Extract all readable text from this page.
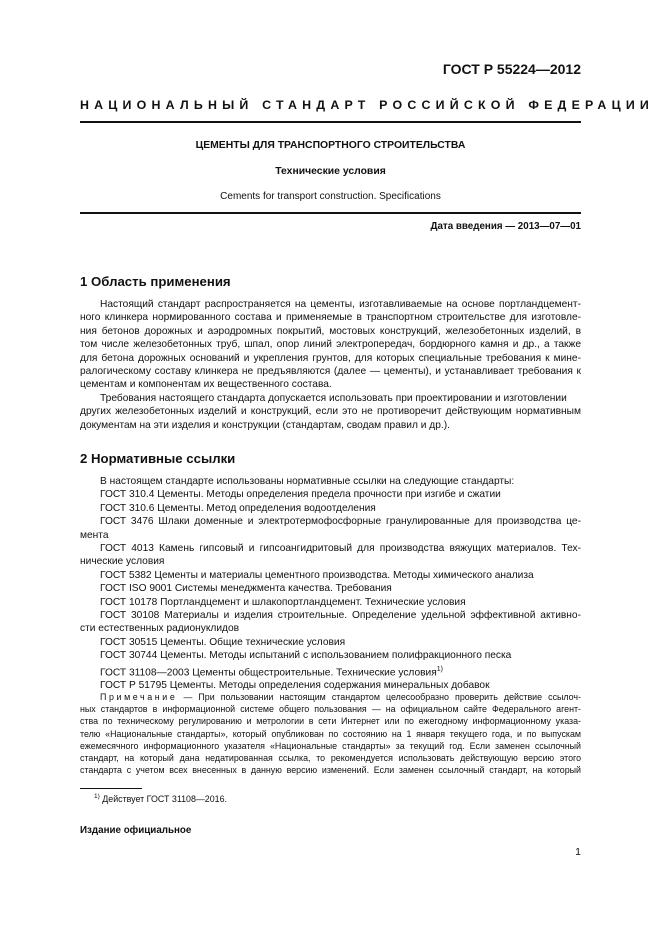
ГОСТ Р 55224—2012
НАЦИОНАЛЬНЫЙ СТАНДАРТ РОССИЙСКОЙ ФЕДЕРАЦИИ
ЦЕМЕНТЫ ДЛЯ ТРАНСПОРТНОГО СТРОИТЕЛЬСТВА
Технические условия
Cements for transport construction. Specifications
Дата введения — 2013—07—01
1 Область применения
Настоящий стандарт распространяется на цементы, изготавливаемые на основе портландцемент-
ного клинкера нормированного состава и применяемые в транспортном строительстве для изготовле-
ния бетонов дорожных и аэродромных покрытий, мостовых конструкций, железобетонных изделий, в
том числе железобетонных труб, шпал, опор линий электропередач, бордюрного камня и др., а также
для бетона дорожных оснований и укрепления грунтов, для которых специальные требования к мине-
ралогическому составу клинкера не предъявляются (далее — цементы), и устанавливает требования к
цементам и компонентам их вещественного состава.
Требования настоящего стандарта допускается использовать при проектировании и изготовлении
других железобетонных изделий и конструкций, если это не противоречит действующим нормативным
документам на эти изделия и конструкции (стандартам, сводам правил и др.).
2 Нормативные ссылки
В настоящем стандарте использованы нормативные ссылки на следующие стандарты:
ГОСТ 310.4 Цементы. Методы определения предела прочности при изгибе и сжатии
ГОСТ 310.6 Цементы. Метод определения водоотделения
ГОСТ 3476 Шлаки доменные и электротермофосфорные гранулированные для производства це-
мента
ГОСТ 4013 Камень гипсовый и гипсоангидритовый для производства вяжущих материалов. Тех-
нические условия
ГОСТ 5382 Цементы и материалы цементного производства. Методы химического анализа
ГОСТ ISO 9001 Системы менеджмента качества. Требования
ГОСТ 10178 Портландцемент и шлакопортландцемент. Технические условия
ГОСТ 30108 Материалы и изделия строительные. Определение удельной эффективной активно-
сти естественных радионуклидов
ГОСТ 30515 Цементы. Общие технические условия
ГОСТ 30744 Цементы. Методы испытаний с использованием полифракционного песка
ГОСТ 31108—2003 Цементы общестроительные. Технические условия$^{1)}$
ГОСТ Р 51795 Цементы. Методы определения содержания минеральных добавок
Примечание — При пользовании настоящим стандартом целесообразно проверить действие ссылоч-
ных стандартов в информационной системе общего пользования — на официальном сайте Федерального агент-
ства по техническому регулированию и метрологии в сети Интернет или по ежегодному информационному указа-
телю «Национальные стандарты», который опубликован по состоянию на 1 января текущего года, и по выпускам
ежемесячного информационного указателя «Национальные стандарты» за текущий год. Если заменен ссылочный
стандарт, на который дана недатированная ссылка, то рекомендуется использовать действующую версию этого
стандарта с учетом всех внесенных в данную версию изменений. Если заменен ссылочный стандарт, на который
$^{1)}$ Действует ГОСТ 31108—2016.
Издание официальное
1
